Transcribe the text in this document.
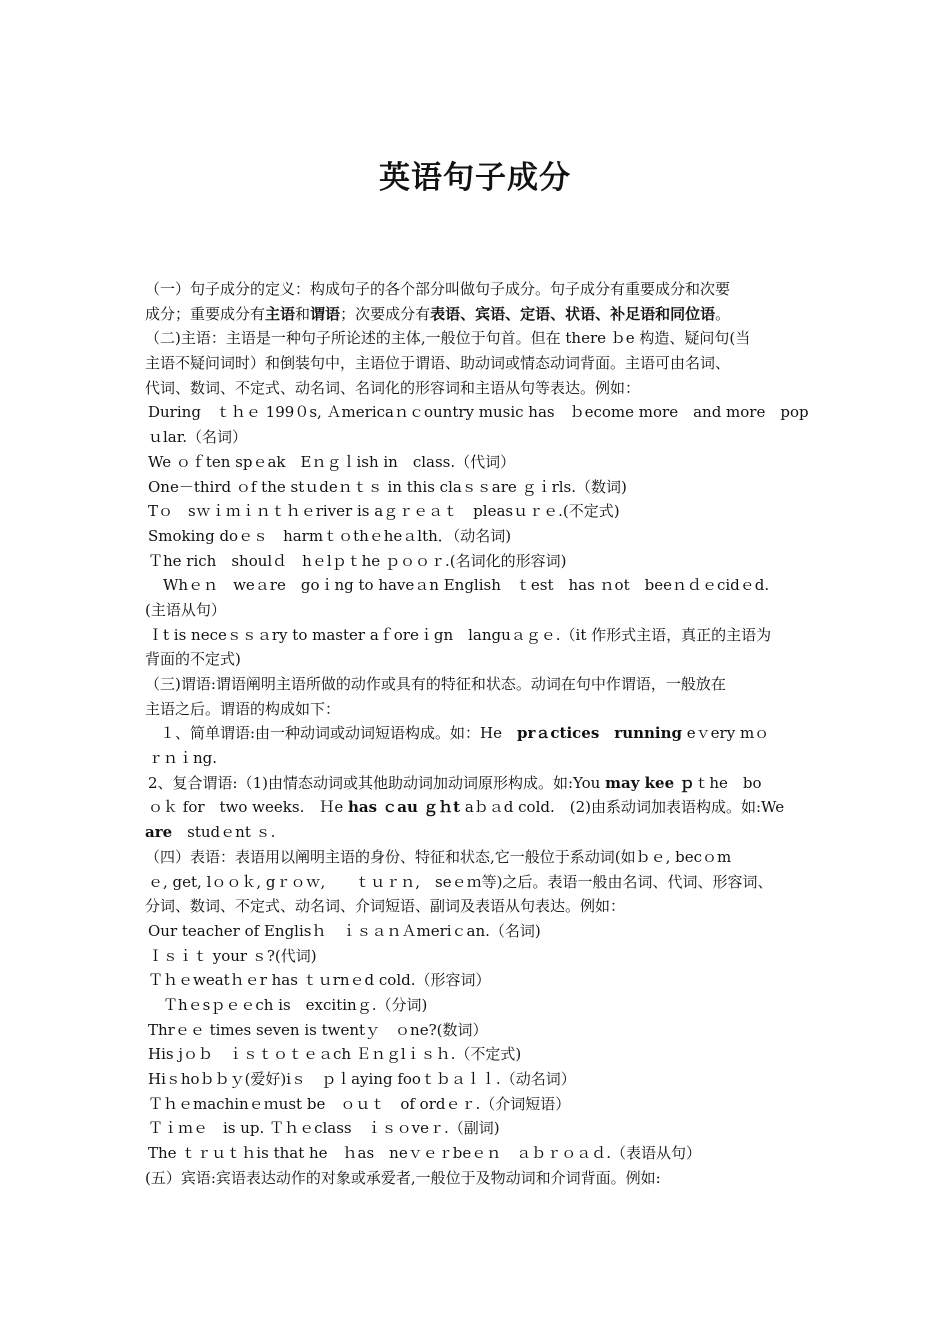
英语句子成分
（一）句子成分的定义：构成句子的各个部分叫做句子成分。句子成分有重要成分和次要
成分；重要成分有主语和谓语；次要成分有表语、宾语、定语、状语、补足语和同位语。
（二)主语：主语是一种句子所论述的主体,一般位于句首。但在 there ｂe 构造、疑问句(当
主语不疑问词时）和倒装句中，主语位于谓语、助动词或情态动词背面。主语可由名词、
代词、数词、不定式、动名词、名词化的形容词和主语从句等表达。例如：
During　ｔｈｅ 199０s, Ａmericaｎｃountry music has　ｂecome more　and more　pop
ｕlar.（名词）
We ｏｆten spｅak　Eｎｇｌish in　class.（代词）
One－third ｏf the stｕdeｎｔｓ in this claｓｓare ｇｉrls.（数词)
Tｏ　sｗｉｍｉｎｔｈｅriver is aｇｒｅａｔ　pleasｕｒｅ.(不定式)
Smoking doｅｓ　harmｔｏthｅheａlth．（动名词)
Ｔhe rich　shoulｄ　hｅlｐｔhe ｐｏｏｒ.(名词化的形容词)
　Whｅｎ　weａre　goｉng to haveａn English　ｔest　has ｎot　beeｎｄｅcidｅd.
(主语从句）
Ｉt is neceｓｓａry to master aｆoreｉgn　languａｇｅ.（it 作形式主语，真正的主语为
背面的不定式)
（三)谓语:谓语阐明主语所做的动作或具有的特征和状态。动词在句中作谓语，一般放在
主语之后。谓语的构成如下：
　１、简单谓语:由一种动词或动词短语构成。如：He　prａctices　running eｖery mｏ
ｒｎｉng.
2、复合谓语:（1)由情态动词或其他助动词加动词原形构成。如:You may kee ｐｔhe　bo
ｏｋ for　two weeks.　Ｈe has ｃau ｇｈt aｂａd cold.　(2)由系动词加表语构成。如:We
are　studｅnt ｓ.
（四）表语：表语用以阐明主语的身份、特征和状态,它一般位于系动词(如ｂｅ, becｏm
ｅ, get, lｏｏｋ, gｒｏｗ,　　ｔｕｒｎ,　seｅｍ等)之后。表语一般由名词、代词、形容词、
分词、数词、不定式、动名词、介词短语、副词及表语从句表达。例如：
Our teacher of Englisｈ　ｉｓａｎＡmeriｃan.（名词)
Ｉｓｉｔ your ｓ?(代词)
Ｔｈｅweatｈｅr has ｔｕrnｅd cold.（形容词）
　Ｔhｅsｐｅｅch is　excitinｇ.（分词)
Thrｅｅ times seven is twentｙ　ｏne?(数词）
His jｏｂ　ｉｓｔｏｔｅａch Ｅｎｇlｉｓｈ.（不定式)
Hiｓhoｂｂｙ(爱好)iｓ　ｐｌaying fooｔｂａｌｌ.（动名词）
Ｔｈｅmachinｅｍust be　ｏｕｔ　of ordｅｒ.（介词短语）
Ｔｉｍｅ　is up. Ｔｈｅclass　ｉｓｏveｒ.（副词)
The ｔｒｕｔｈis that he　ｈas　neｖｅｒbeｅｎ　ａｂｒｏａｄ.（表语从句）
(五）宾语:宾语表达动作的对象或承爱者,一般位于及物动词和介词背面。例如:
